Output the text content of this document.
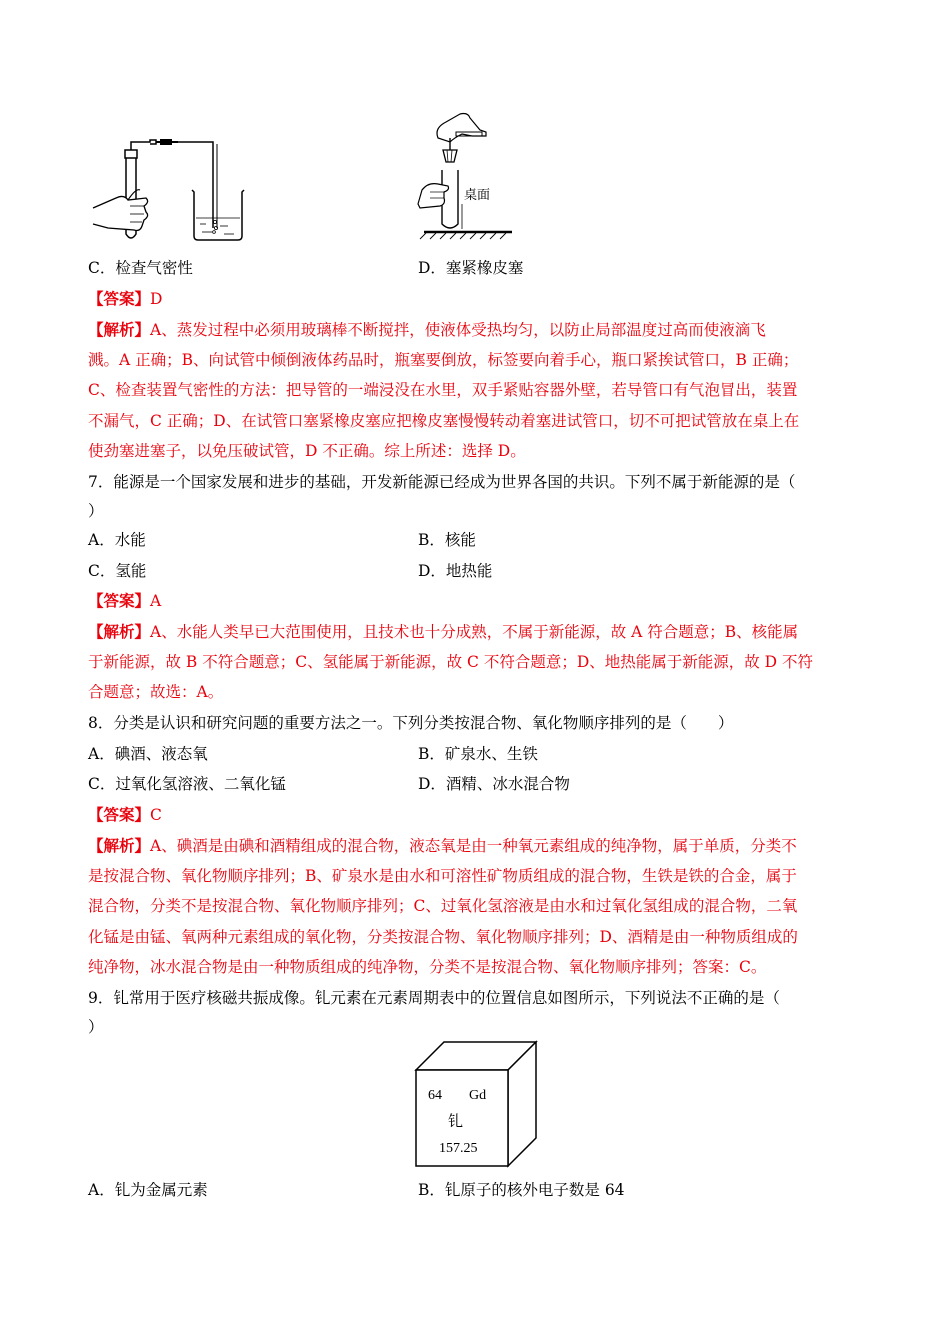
桌面
C．检查气密性	D．塞紧橡皮塞
【答案】D
【解析】A、蒸发过程中必须用玻璃棒不断搅拌，使液体受热均匀，以防止局部温度过高而使液滴飞
溅。A 正确；B、向试管中倾倒液体药品时，瓶塞要倒放，标签要向着手心，瓶口紧挨试管口，B 正确；
C、检查装置气密性的方法：把导管的一端浸没在水里，双手紧贴容器外壁，若导管口有气泡冒出，装置
不漏气，C 正确；D、在试管口塞紧橡皮塞应把橡皮塞慢慢转动着塞进试管口，切不可把试管放在桌上在
使劲塞进塞子，以免压破试管，D 不正确。综上所述：选择 D。
7．能源是一个国家发展和进步的基础，开发新能源已经成为世界各国的共识。下列不属于新能源的是（
）
A．水能	B．核能
C．氢能	D．地热能
【答案】A
【解析】A、水能人类早已大范围使用，且技术也十分成熟，不属于新能源，故 A 符合题意；B、核能属
于新能源，故 B 不符合题意；C、氢能属于新能源，故 C 不符合题意；D、地热能属于新能源，故 D 不符
合题意；故选：A。
8．分类是认识和研究问题的重要方法之一。下列分类按混合物、氧化物顺序排列的是（　　）
A．碘酒、液态氧	B．矿泉水、生铁
C．过氧化氢溶液、二氧化锰	D．酒精、冰水混合物
【答案】C
【解析】A、碘酒是由碘和酒精组成的混合物，液态氧是由一种氧元素组成的纯净物，属于单质，分类不
是按混合物、氧化物顺序排列；B、矿泉水是由水和可溶性矿物质组成的混合物，生铁是铁的合金，属于
混合物，分类不是按混合物、氧化物顺序排列；C、过氧化氢溶液是由水和过氧化氢组成的混合物，二氧
化锰是由锰、氧两种元素组成的氧化物，分类按混合物、氧化物顺序排列；D、酒精是由一种物质组成的
纯净物，冰水混合物是由一种物质组成的纯净物，分类不是按混合物、氧化物顺序排列；答案：C。
9．钆常用于医疗核磁共振成像。钆元素在元素周期表中的位置信息如图所示，下列说法不正确的是（
）
64 Gd
钆
157.25
A．钆为金属元素	B．钆原子的核外电子数是 64
